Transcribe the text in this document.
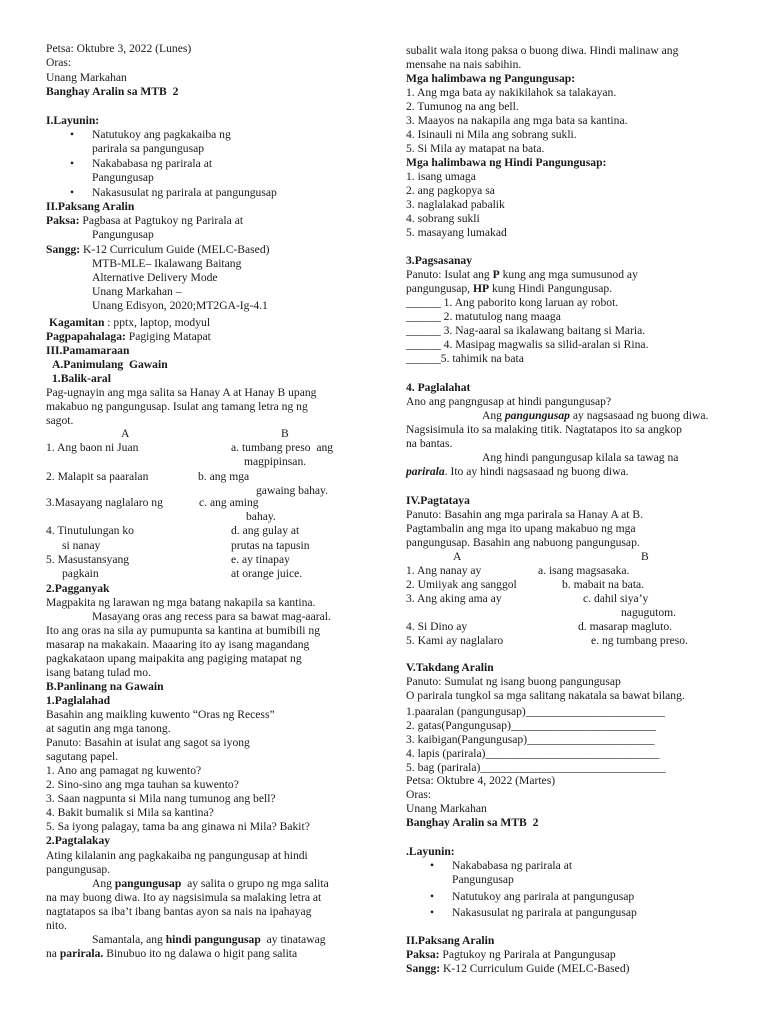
Petsa: Oktubre 3, 2022 (Lunes)
Oras:
Unang Markahan
Banghay Aralin sa MTB  2
I.Layunin:
• Natutukoy ang pagkakaiba ng
parirala sa pangungusap
• Nakababasa ng parirala at
Pangungusap
• Nakasusulat ng parirala at pangungusap
II.Paksang Aralin
Paksa: Pagbasa at Pagtukoy ng Parirala at
Pangungusap
Sangg: K-12 Curriculum Guide (MELC-Based)
MTB-MLE– Ikalawang Baitang
Alternative Delivery Mode
Unang Markahan –
Unang Edisyon, 2020;MT2GA-Ig-4.1
Kagamitan : pptx, laptop, modyul
Pagpapahalaga: Pagiging Matapat
III.Pamamaraan
A.Panimulang  Gawain
1.Balik-aral
Pag-ugnayin ang mga salita sa Hanay A at Hanay B upang
makabuo ng pangungusap. Isulat ang tamang letra ng ng
sagot.
A	B
1. Ang baon ni Juan	a. tumbang preso  ang
magpipinsan.
2. Malapit sa paaralan	b. ang mga
gawaing bahay.
3.Masayang naglalaro ng	c. ang aming
bahay.
4. Tinutulungan ko	d. ang gulay at
si nanay	prutas na tapusin
5. Masustansyang	e. ay tinapay
pagkain	at orange juice.
2.Pagganyak
Magpakita ng larawan ng mga batang nakapila sa kantina.
Masayang oras ang recess para sa bawat mag-aaral.
Ito ang oras na sila ay pumupunta sa kantina at bumibili ng
masarap na makakain. Maaaring ito ay isang magandang
pagkakataon upang maipakita ang pagiging matapat ng
isang batang tulad mo.
B.Panlinang na Gawain
1.Paglalahad
Basahin ang maikling kuwento “Oras ng Recess”
at sagutin ang mga tanong.
Panuto: Basahin at isulat ang sagot sa iyong
sagutang papel.
1. Ano ang pamagat ng kuwento?
2. Sino-sino ang mga tauhan sa kuwento?
3. Saan nagpunta si Mila nang tumunog ang bell?
4. Bakit bumalik si Mila sa kantina?
5. Sa iyong palagay, tama ba ang ginawa ni Mila? Bakit?
2.Pagtalakay
Ating kilalanin ang pagkakaiba ng pangungusap at hindi
pangungusap.
Ang pangungusap  ay salita o grupo ng mga salita
na may buong diwa. Ito ay nagsisimula sa malaking letra at
nagtatapos sa iba’t ibang bantas ayon sa nais na ipahayag
nito.
Samantala, ang hindi pangungusap  ay tinatawag
na parirala. Binubuo ito ng dalawa o higit pang salita
subalit wala itong paksa o buong diwa. Hindi malinaw ang
mensahe na nais sabihin.
Mga halimbawa ng Pangungusap:
1. Ang mga bata ay nakikilahok sa talakayan.
2. Tumunog na ang bell.
3. Maayos na nakapila ang mga bata sa kantina.
4. Isinauli ni Mila ang sobrang sukli.
5. Si Mila ay matapat na bata.
Mga halimbawa ng Hindi Pangungusap:
1. isang umaga
2. ang pagkopya sa
3. naglalakad pabalik
4. sobrang sukli
5. masayang lumakad
3.Pagsasanay
Panuto: Isulat ang P kung ang mga sumusunod ay
pangungusap, HP kung Hindi Pangungusap.
______ 1. Ang paborito kong laruan ay robot.
______ 2. matutulog nang maaga
______ 3. Nag-aaral sa ikalawang baitang si Maria.
______ 4. Masipag magwalis sa silid-aralan si Rina.
______5. tahimik na bata
4. Paglalahat
Ano ang pangngusap at hindi pangungusap?
Ang pangungusap ay nagsasaad ng buong diwa.
Nagsisimula ito sa malaking titik. Nagtatapos ito sa angkop
na bantas.
Ang hindi pangungusap kilala sa tawag na
parirala. Ito ay hindi nagsasaad ng buong diwa.
IV.Pagtataya
Panuto: Basahin ang mga parirala sa Hanay A at B.
Pagtambalin ang mga ito upang makabuo ng mga
pangungusap. Basahin ang nabuong pangungusap.
A	B
1. Ang nanay ay	a. isang magsasaka.
2. Umiiyak ang sanggol	b. mabait na bata.
3. Ang aking ama ay	c. dahil siya’y
nagugutom.
4. Si Dino ay	d. masarap magluto.
5. Kami ay naglalaro	e. ng tumbang preso.
V.Takdang Aralin
Panuto: Sumulat ng isang buong pangungusap
O parirala tungkol sa mga salitang nakatala sa bawat bilang.
1.paaralan (pangungusap)________________________
2. gatas(Pangungusap)_________________________
3. kaibigan(Pangungusap)______________________
4. lapis (parirala)______________________________
5. bag (parirala)________________________________
Petsa: Oktubre 4, 2022 (Martes)
Oras:
Unang Markahan
Banghay Aralin sa MTB  2
.Layunin:
• Nakababasa ng parirala at
Pangungusap
• Natutukoy ang parirala at pangungusap
• Nakasusulat ng parirala at pangungusap
II.Paksang Aralin
Paksa: Pagtukoy ng Parirala at Pangungusap
Sangg: K-12 Curriculum Guide (MELC-Based)
